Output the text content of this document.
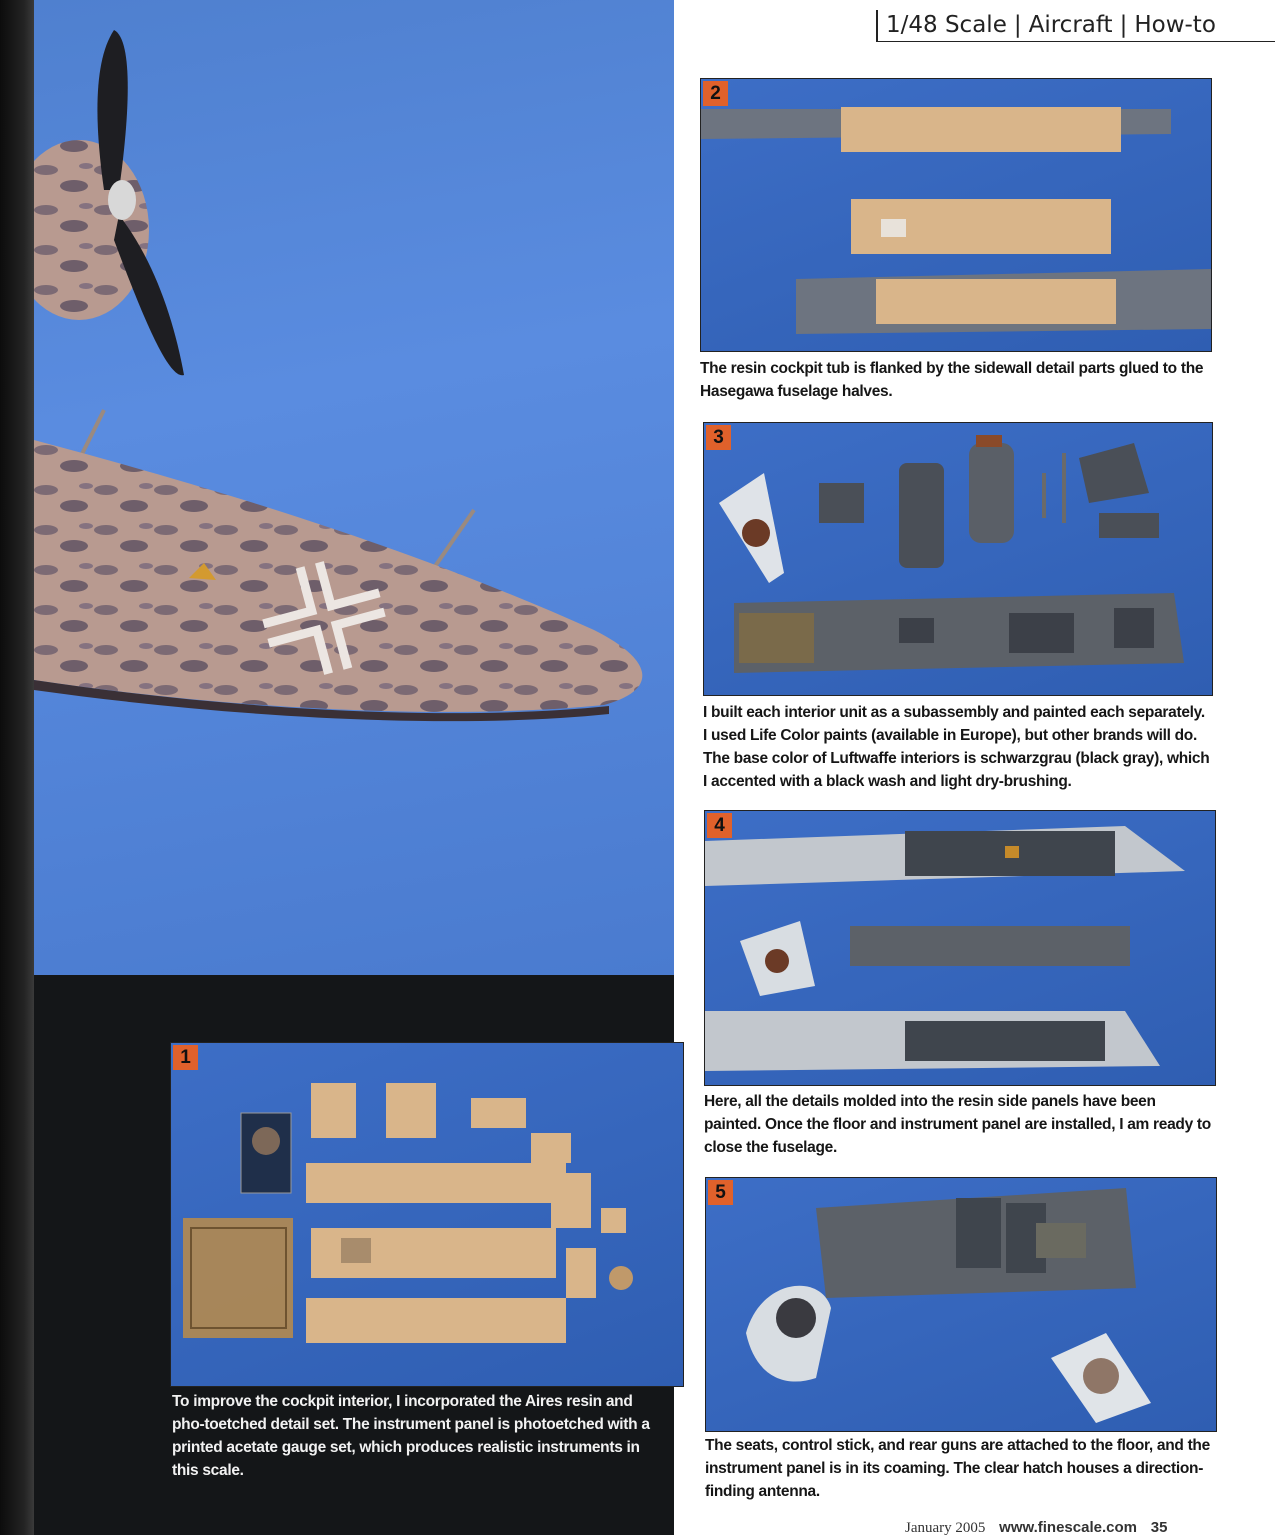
1/48 Scale | Aircraft | How-to
1
To improve the cockpit interior, I incorporated the Aires resin and pho-toetched detail set. The instrument panel is photoetched with a printed acetate gauge set, which produces realistic instruments in this scale.
2
The resin cockpit tub is flanked by the sidewall detail parts glued to the Hasegawa fuselage halves.
3
I built each interior unit as a subassembly and painted each separately. I used Life Color paints (available in Europe), but other brands will do. The base color of Luftwaffe interiors is schwarzgrau (black gray), which I accented with a black wash and light dry-brushing.
4
Here, all the details molded into the resin side panels have been painted. Once the floor and instrument panel are installed, I am ready to close the fuselage.
5
The seats, control stick, and rear guns are attached to the floor, and the instrument panel is in its coaming. The clear hatch houses a direction-finding antenna.
January 2005 www.finescale.com 35
